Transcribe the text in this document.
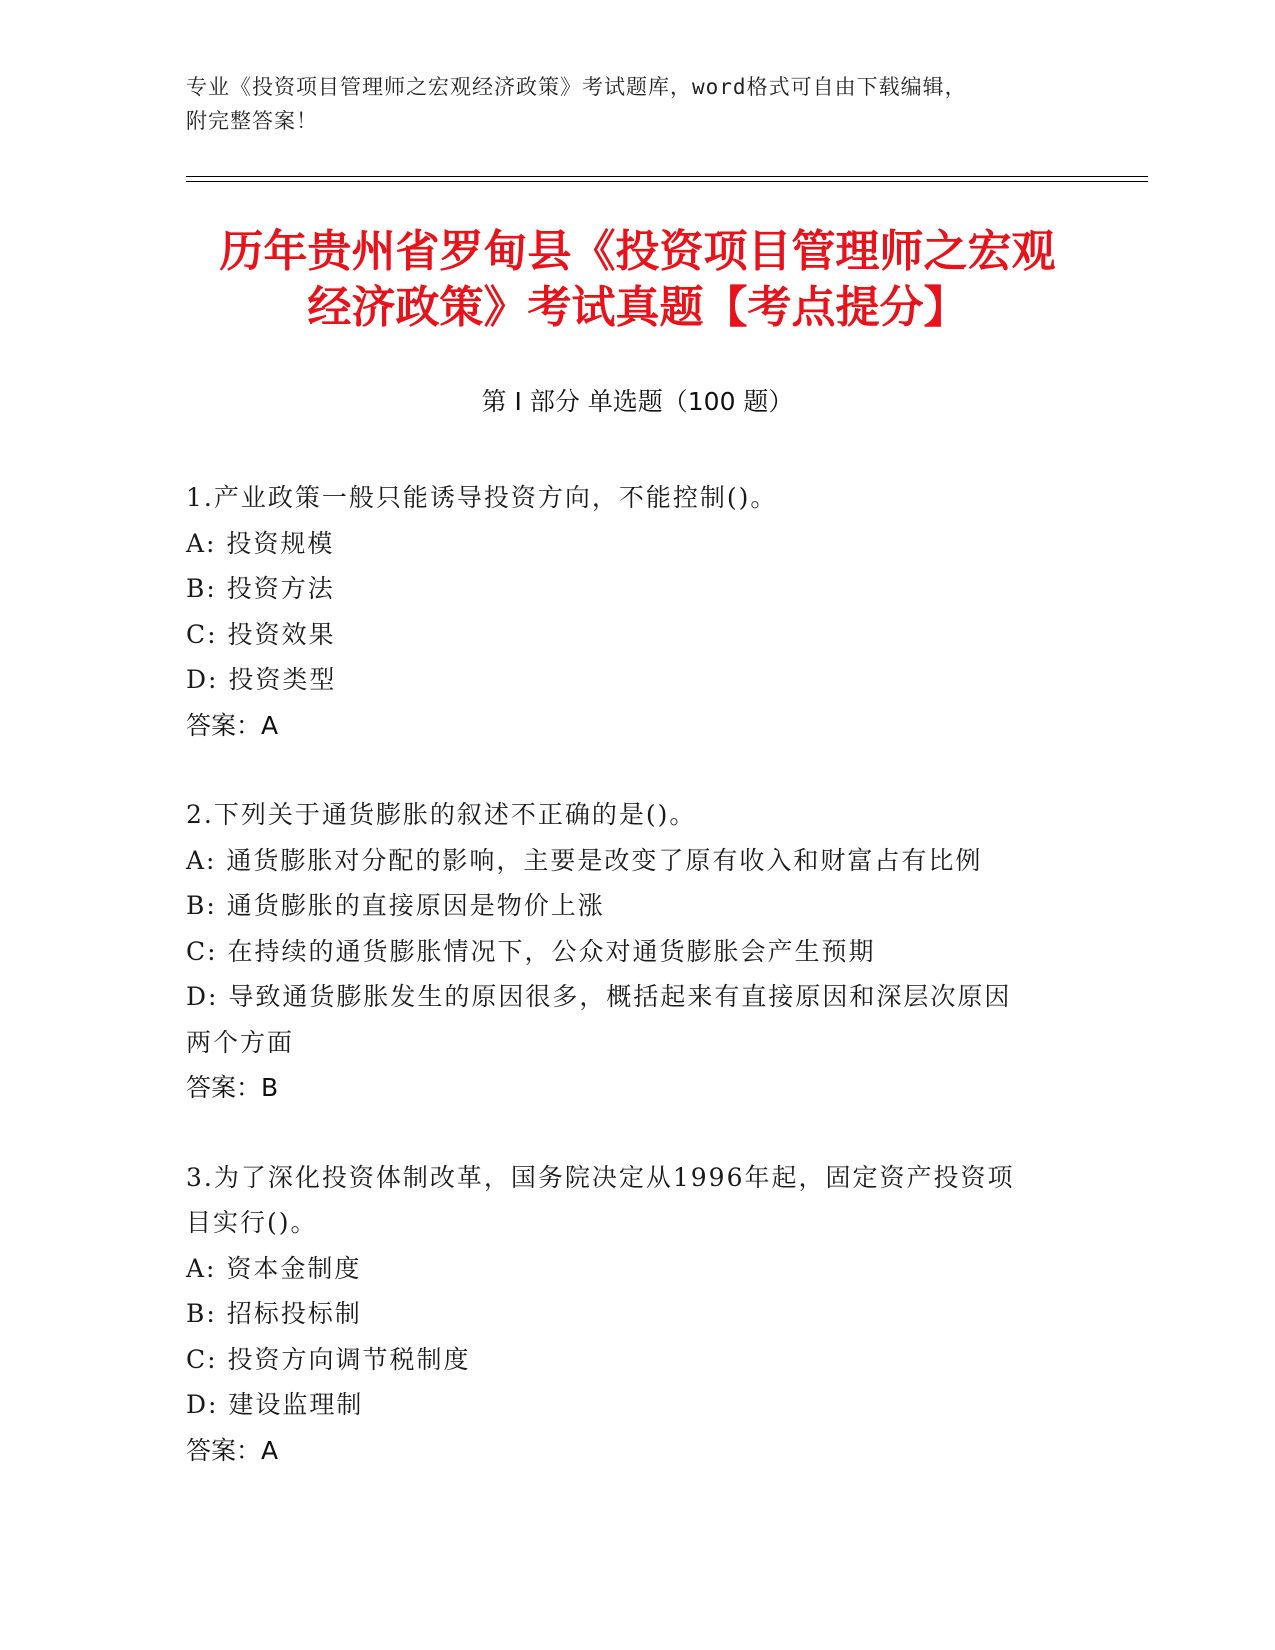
专业《投资项目管理师之宏观经济政策》考试题库，word格式可自由下载编辑，
附完整答案！
历年贵州省罗甸县《投资项目管理师之宏观
经济政策》考试真题【考点提分】
第 I 部分 单选题（100 题）
1.产业政策一般只能诱导投资方向，不能控制()。
A: 投资规模
B: 投资方法
C: 投资效果
D: 投资类型
答案：A
2.下列关于通货膨胀的叙述不正确的是()。
A: 通货膨胀对分配的影响，主要是改变了原有收入和财富占有比例
B: 通货膨胀的直接原因是物价上涨
C: 在持续的通货膨胀情况下，公众对通货膨胀会产生预期
D: 导致通货膨胀发生的原因很多，概括起来有直接原因和深层次原因
两个方面
答案：B
3.为了深化投资体制改革，国务院决定从1996年起，固定资产投资项
目实行()。
A: 资本金制度
B: 招标投标制
C: 投资方向调节税制度
D: 建设监理制
答案：A
